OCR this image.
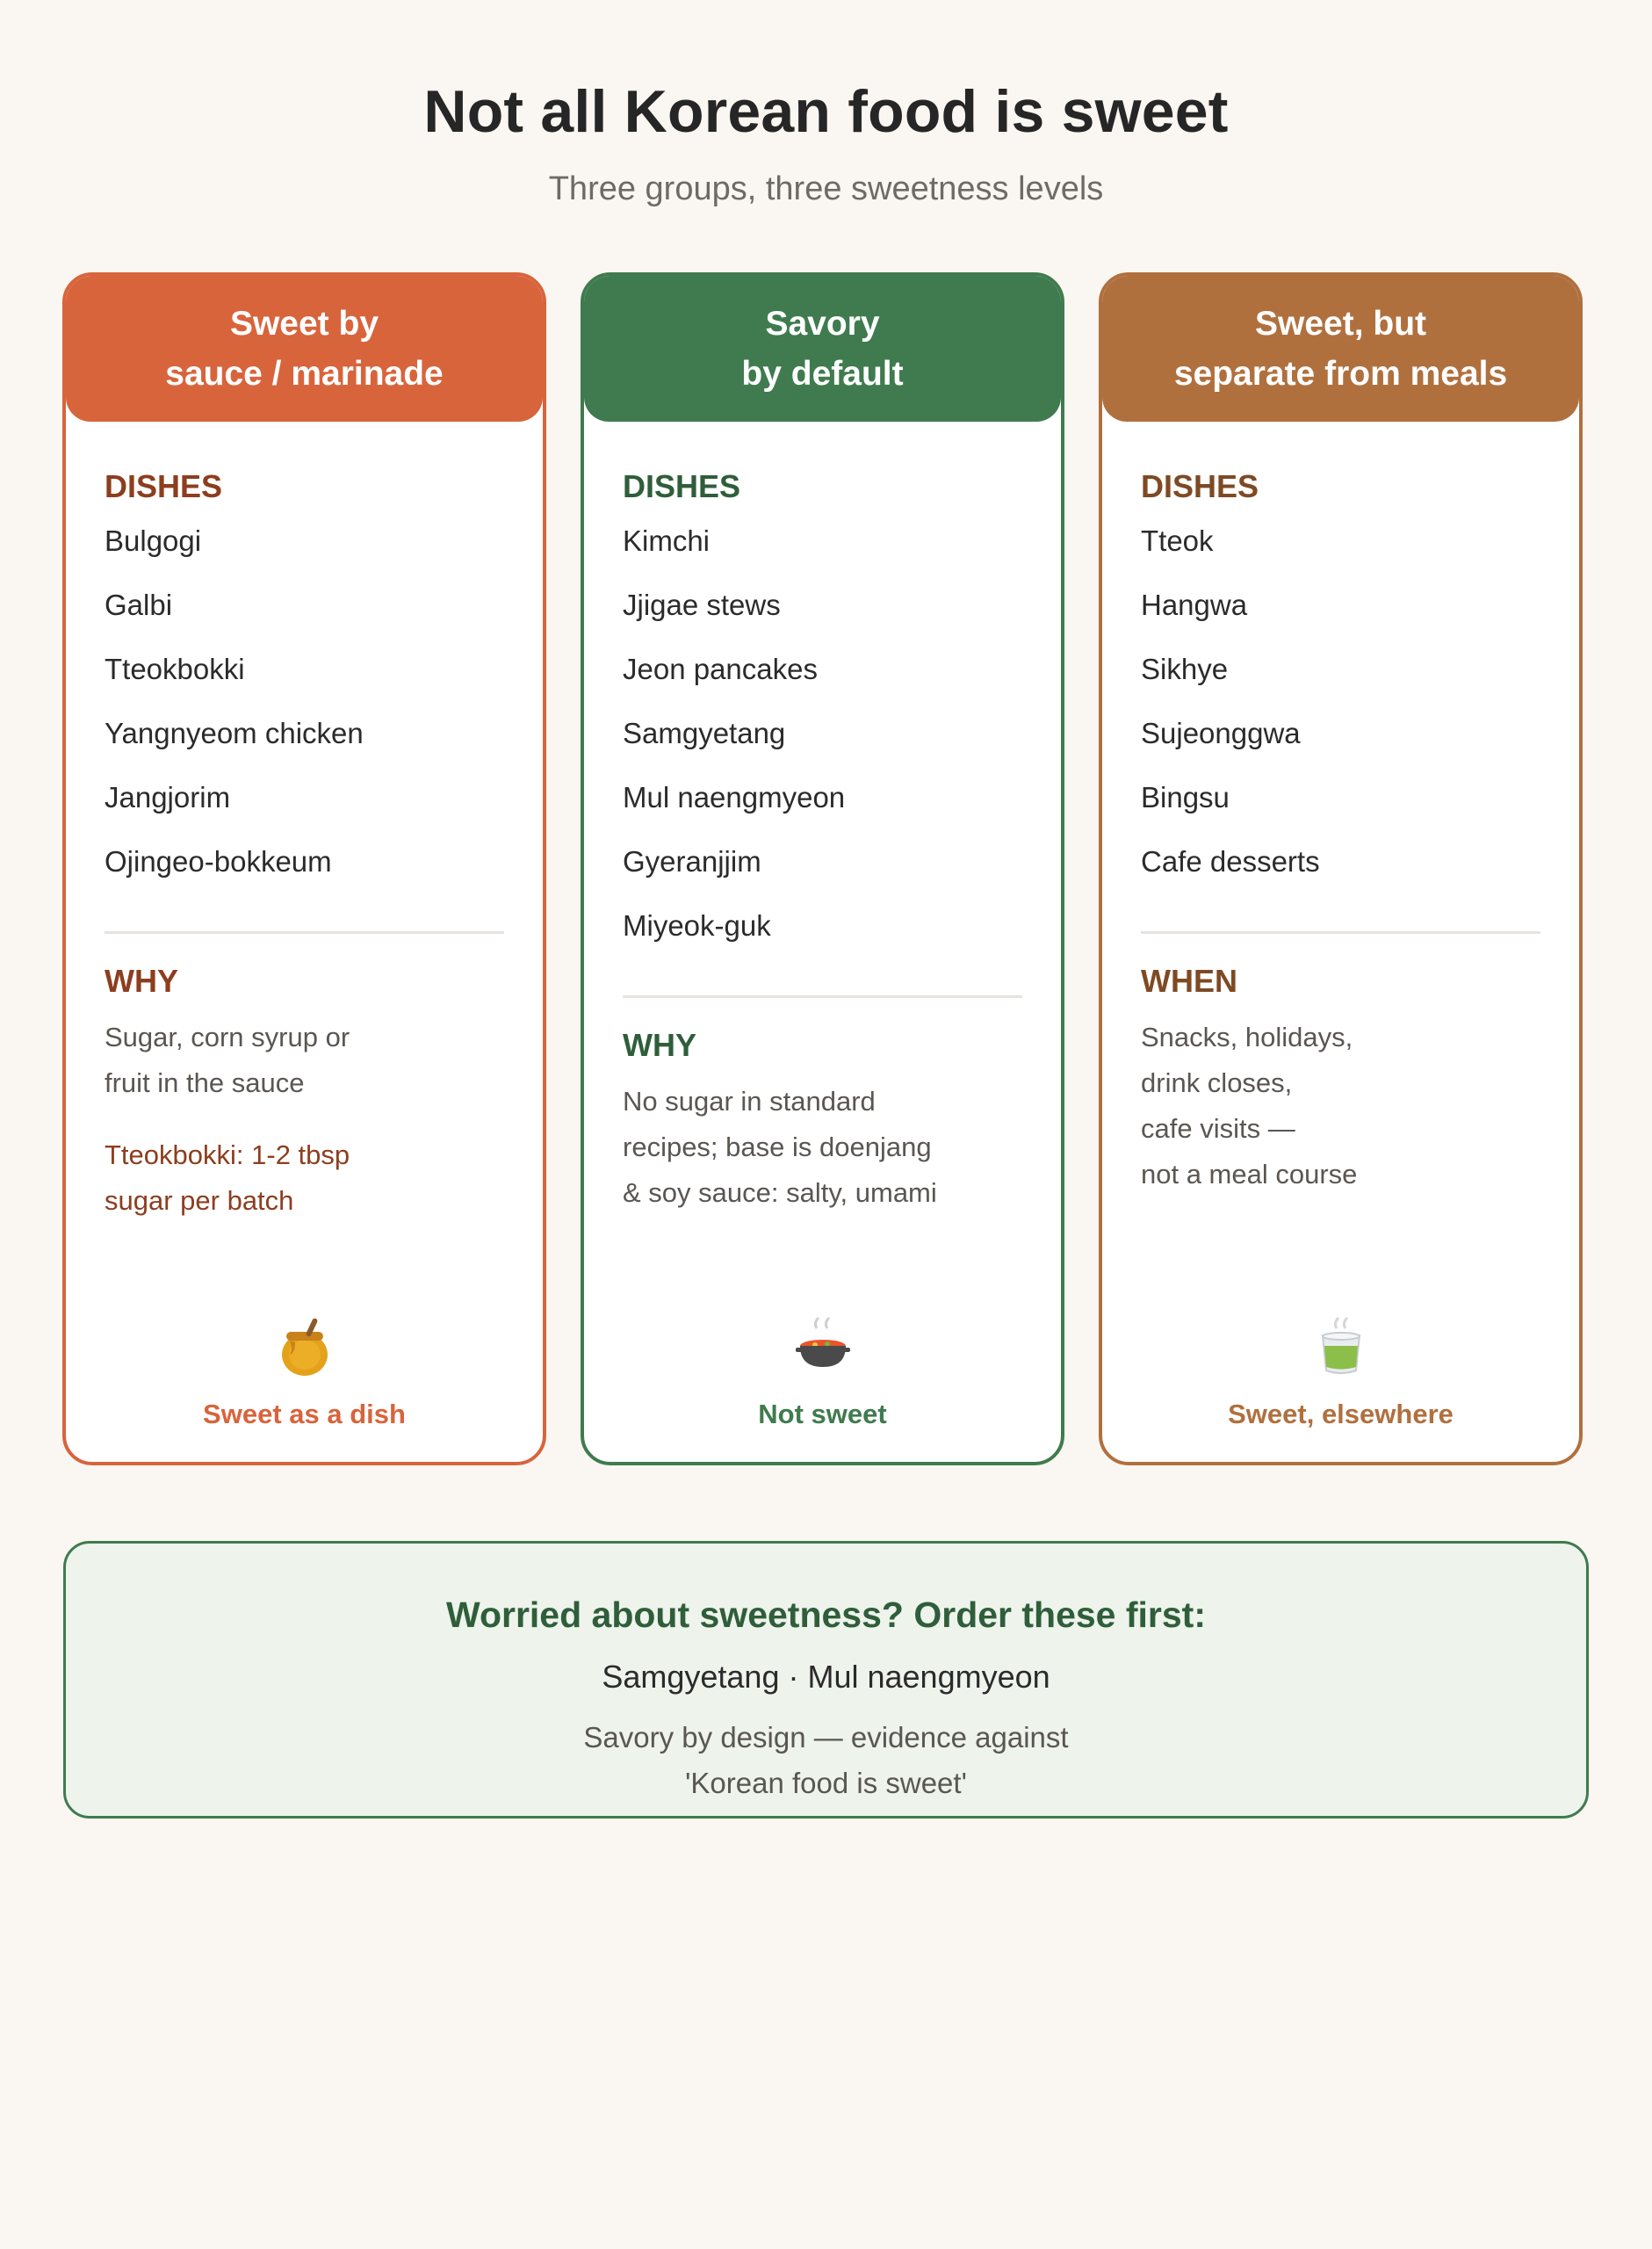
Not all Korean food is sweet
Three groups, three sweetness levels
Sweet by
sauce / marinade
DISHES
Bulgogi
Galbi
Tteokbokki
Yangnyeom chicken
Jangjorim
Ojingeo-bokkeum
WHY
Sugar, corn syrup or
fruit in the sauce
Tteokbokki: 1-2 tbsp
sugar per batch
Sweet as a dish
Savory
by default
DISHES
Kimchi
Jjigae stews
Jeon pancakes
Samgyetang
Mul naengmyeon
Gyeranjjim
Miyeok-guk
WHY
No sugar in standard
recipes; base is doenjang
& soy sauce: salty, umami
Not sweet
Sweet, but
separate from meals
DISHES
Tteok
Hangwa
Sikhye
Sujeonggwa
Bingsu
Cafe desserts
WHEN
Snacks, holidays,
drink closes,
cafe visits —
not a meal course
Sweet, elsewhere
Worried about sweetness? Order these first:
Samgyetang · Mul naengmyeon
Savory by design — evidence against
'Korean food is sweet'
